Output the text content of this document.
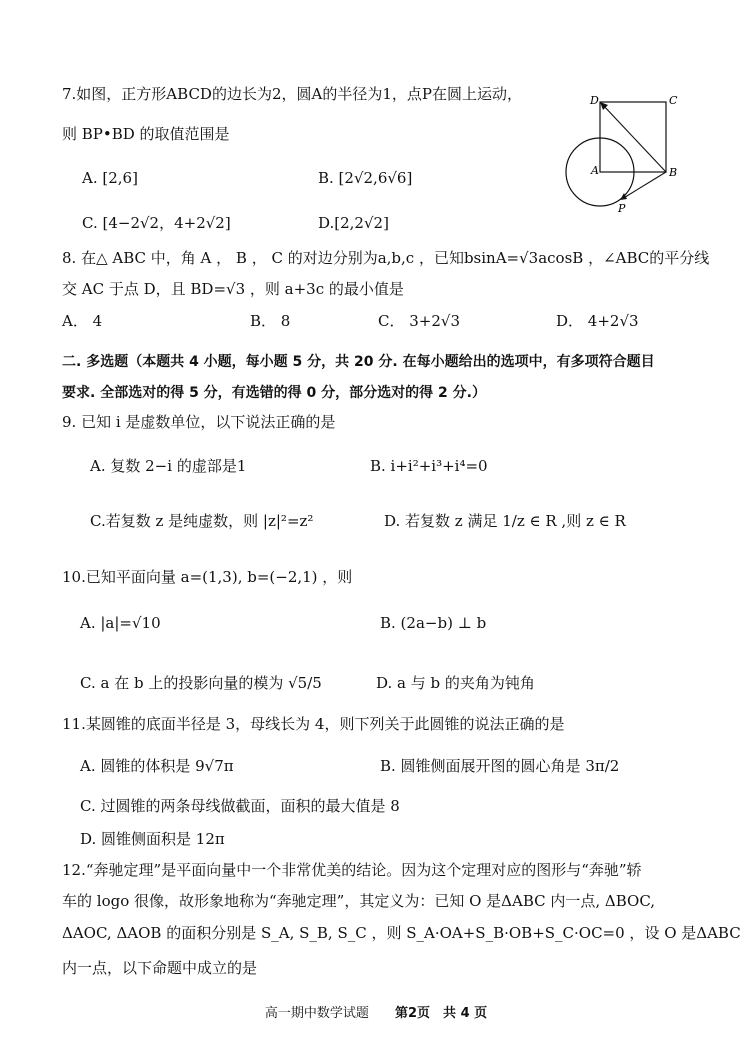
7.如图，正方形ABCD的边长为2，圆A的半径为1，点P在圆上运动，
则 BP•BD 的取值范围是
A. [2,6]	B. [2√2,6√6]
C. [4−2√2，4+2√2]	D.[2,2√2]
D	C
A	B
P
8. 在△ ABC 中，角 A ， B ， C 的对边分别为a,b,c ，已知bsinA=√3acosB ，∠ABC的平分线
交 AC 于点 D，且 BD=√3 ，则 a+3c 的最小值是
A． 4	B． 8	C． 3+2√3	D． 4+2√3
二. 多选题（本题共 4 小题，每小题 5 分，共 20 分. 在每小题给出的选项中，有多项符合题目
要求. 全部选对的得 5 分，有选错的得 0 分，部分选对的得 2 分.）
9. 已知 i 是虚数单位，以下说法正确的是
A. 复数 2−i 的虚部是1	B. i+i²+i³+i⁴=0
C.若复数 z 是纯虚数，则 |z|²=z²	D. 若复数 z 满足 1/z ∈ R ,则 z ∈ R
10.已知平面向量 a=(1,3), b=(−2,1) ，则
A. |a|=√10	B. (2a−b) ⊥ b
C. a 在 b 上的投影向量的模为 √5/5	D. a 与 b 的夹角为钝角
11.某圆锥的底面半径是 3，母线长为 4，则下列关于此圆锥的说法正确的是
A. 圆锥的体积是 9√7π	B. 圆锥侧面展开图的圆心角是 3π/2
C. 过圆锥的两条母线做截面，面积的最大值是 8
D. 圆锥侧面积是 12π
12.“奔驰定理”是平面向量中一个非常优美的结论。因为这个定理对应的图形与“奔驰”轿
车的 logo 很像，故形象地称为“奔驰定理”，其定义为：已知 O 是ΔABC 内一点, ΔBOC,
ΔAOC, ΔAOB 的面积分别是 S_A, S_B, S_C ，则 S_A·OA+S_B·OB+S_C·OC=0 ，设 O 是ΔABC
内一点，以下命题中成立的是
高一期中数学试题 第2页　共 4 页
